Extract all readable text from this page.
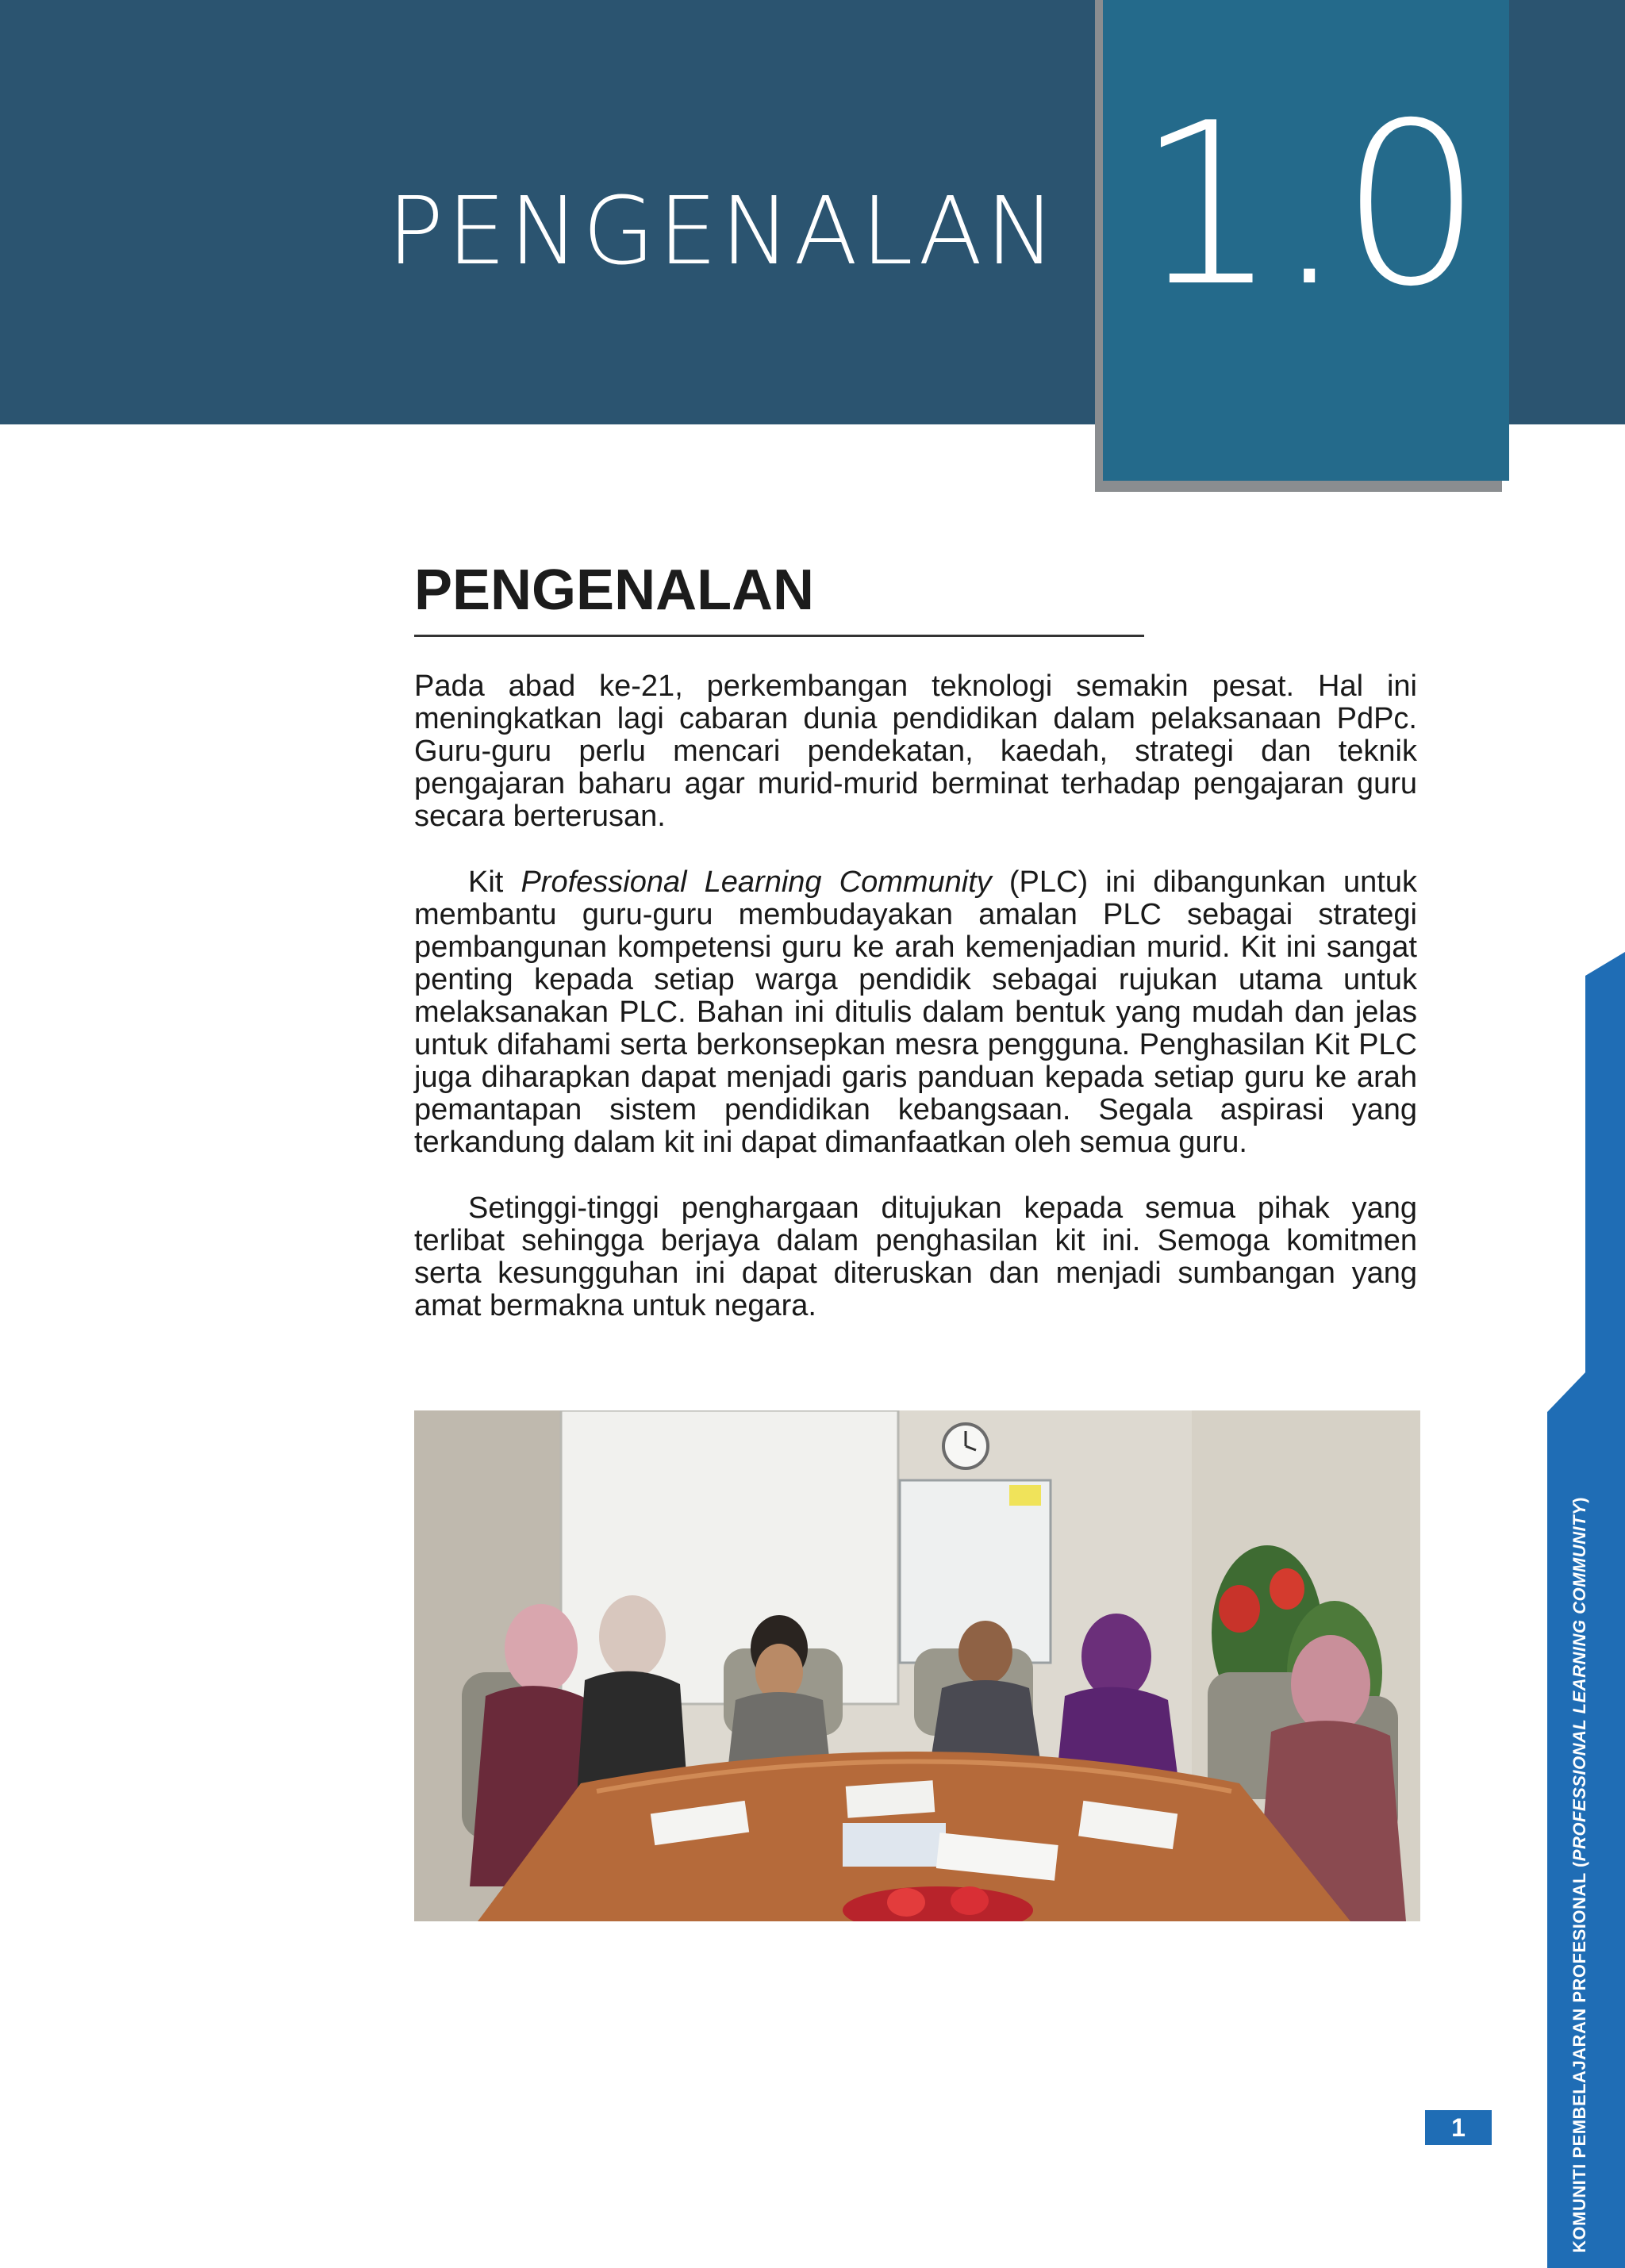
PENGENALAN 1.0
PENGENALAN

Pada abad ke-21, perkembangan teknologi semakin pesat. Hal ini meningkatkan lagi cabaran dunia pendidikan dalam pelaksanaan PdPc. Guru-guru perlu mencari pendekatan, kaedah, strategi dan teknik pengajaran baharu agar murid-murid berminat terhadap pengajaran guru secara berterusan.

Kit Professional Learning Community (PLC) ini dibangunkan untuk membantu guru-guru membudayakan amalan PLC sebagai strategi pembangunan kompetensi guru ke arah kemenjadian murid. Kit ini sangat penting kepada setiap warga pendidik sebagai rujukan utama untuk melaksanakan PLC. Bahan ini ditulis dalam bentuk yang mudah dan jelas untuk difahami serta berkonsepkan mesra pengguna. Penghasilan Kit PLC juga diharapkan dapat menjadi garis panduan kepada setiap guru ke arah pemantapan sistem pendidikan kebangsaan. Segala aspirasi yang terkandung dalam kit ini dapat dimanfaatkan oleh semua guru.

Setinggi-tinggi penghargaan ditujukan kepada semua pihak yang terlibat sehingga berjaya dalam penghasilan kit ini. Semoga komitmen serta kesungguhan ini dapat diteruskan dan menjadi sumbangan yang amat bermakna untuk negara.

KOMUNITI PEMBELAJARAN PROFESIONAL (PROFESSIONAL LEARNING COMMUNITY)
1
